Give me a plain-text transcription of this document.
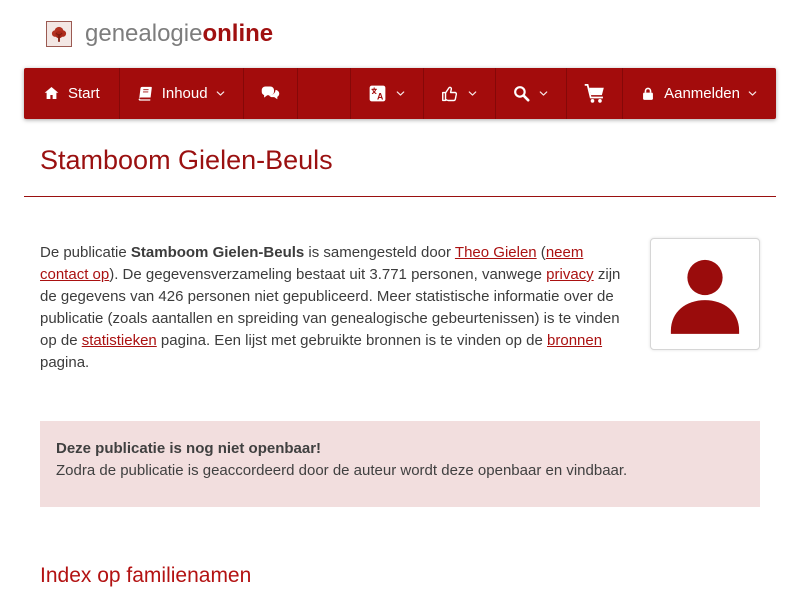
genealogieonline
Start	Inhoud	A	Aanmelden
Stamboom Gielen-Beuls

De publicatie Stamboom Gielen-Beuls is samengesteld door Theo Gielen (neem contact op). De gegevensverzameling bestaat uit 3.771 personen, vanwege privacy zijn de gegevens van 426 personen niet gepubliceerd. Meer statistische informatie over de publicatie (zoals aantallen en spreiding van genealogische gebeurtenissen) is te vinden op de statistieken pagina. Een lijst met gebruikte bronnen is te vinden op de bronnen pagina.

Deze publicatie is nog niet openbaar!
Zodra de publicatie is geaccordeerd door de auteur wordt deze openbaar en vindbaar.
Index op familienamen
